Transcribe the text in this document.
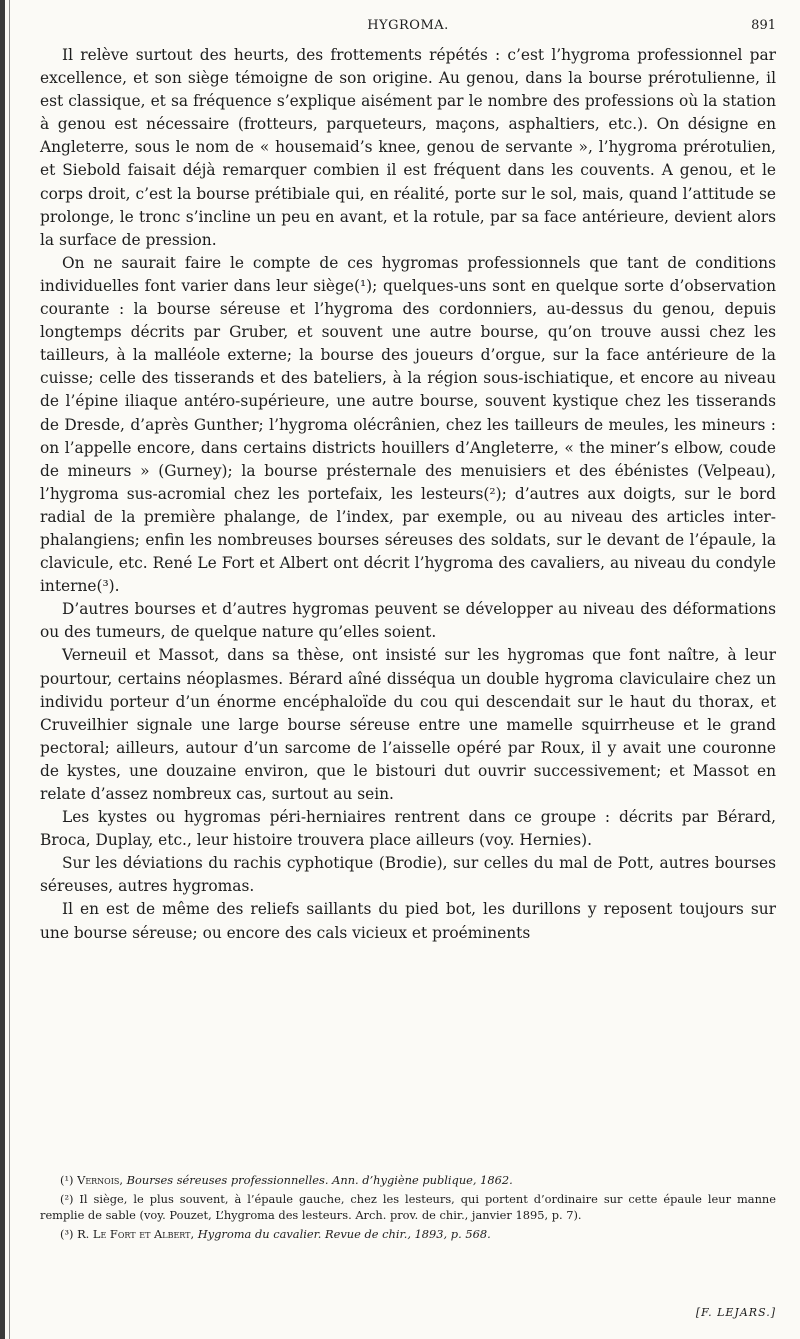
HYGROMA.	891

Il relève surtout des heurts, des frottements répétés : c’est l’hygroma professionnel par excellence, et son siège témoigne de son origine. Au genou, dans la bourse prérotulienne, il est classique, et sa fréquence s’explique aisément par le nombre des professions où la station à genou est nécessaire (frotteurs, parqueteurs, maçons, asphaltiers, etc.). On désigne en Angleterre, sous le nom de « housemaid’s knee, genou de servante », l’hygroma prérotulien, et Siebold faisait déjà remarquer combien il est fréquent dans les couvents. A genou, et le corps droit, c’est la bourse prétibiale qui, en réalité, porte sur le sol, mais, quand l’attitude se prolonge, le tronc s’incline un peu en avant, et la rotule, par sa face antérieure, devient alors la surface de pression.

On ne saurait faire le compte de ces hygromas professionnels que tant de conditions individuelles font varier dans leur siège(¹); quelques-uns sont en quelque sorte d’observation courante : la bourse séreuse et l’hygroma des cordonniers, au-dessus du genou, depuis longtemps décrits par Gruber, et souvent une autre bourse, qu’on trouve aussi chez les tailleurs, à la malléole externe; la bourse des joueurs d’orgue, sur la face antérieure de la cuisse; celle des tisserands et des bateliers, à la région sous-ischiatique, et encore au niveau de l’épine iliaque antéro-supérieure, une autre bourse, souvent kystique chez les tisserands de Dresde, d’après Gunther; l’hygroma olécrânien, chez les tailleurs de meules, les mineurs : on l’appelle encore, dans certains districts houillers d’Angleterre, « the miner’s elbow, coude de mineurs » (Gurney); la bourse présternale des menuisiers et des ébénistes (Velpeau), l’hygroma sus-acromial chez les portefaix, les lesteurs(²); d’autres aux doigts, sur le bord radial de la première phalange, de l’index, par exemple, ou au niveau des articles inter-phalangiens; enfin les nombreuses bourses séreuses des soldats, sur le devant de l’épaule, la clavicule, etc. René Le Fort et Albert ont décrit l’hygroma des cavaliers, au niveau du condyle interne(³).

D’autres bourses et d’autres hygromas peuvent se développer au niveau des déformations ou des tumeurs, de quelque nature qu’elles soient.

Verneuil et Massot, dans sa thèse, ont insisté sur les hygromas que font naître, à leur pourtour, certains néoplasmes. Bérard aîné disséqua un double hygroma claviculaire chez un individu porteur d’un énorme encéphaloïde du cou qui descendait sur le haut du thorax, et Cruveilhier signale une large bourse séreuse entre une mamelle squirrheuse et le grand pectoral; ailleurs, autour d’un sarcome de l’aisselle opéré par Roux, il y avait une couronne de kystes, une douzaine environ, que le bistouri dut ouvrir successivement; et Massot en relate d’assez nombreux cas, surtout au sein.

Les kystes ou hygromas péri-herniaires rentrent dans ce groupe : décrits par Bérard, Broca, Duplay, etc., leur histoire trouvera place ailleurs (voy. Hernies).

Sur les déviations du rachis cyphotique (Brodie), sur celles du mal de Pott, autres bourses séreuses, autres hygromas.

Il en est de même des reliefs saillants du pied bot, les durillons y reposent toujours sur une bourse séreuse; ou encore des cals vicieux et proéminents

(¹) Vernois, Bourses séreuses professionnelles. Ann. d’hygiène publique, 1862.

(²) Il siège, le plus souvent, à l’épaule gauche, chez les lesteurs, qui portent d’ordinaire sur cette épaule leur manne remplie de sable (voy. Pouzet, L’hygroma des lesteurs. Arch. prov. de chir., janvier 1895, p. 7).

(³) R. Le Fort et Albert, Hygroma du cavalier. Revue de chir., 1893, p. 568.

[F. LEJARS.]
